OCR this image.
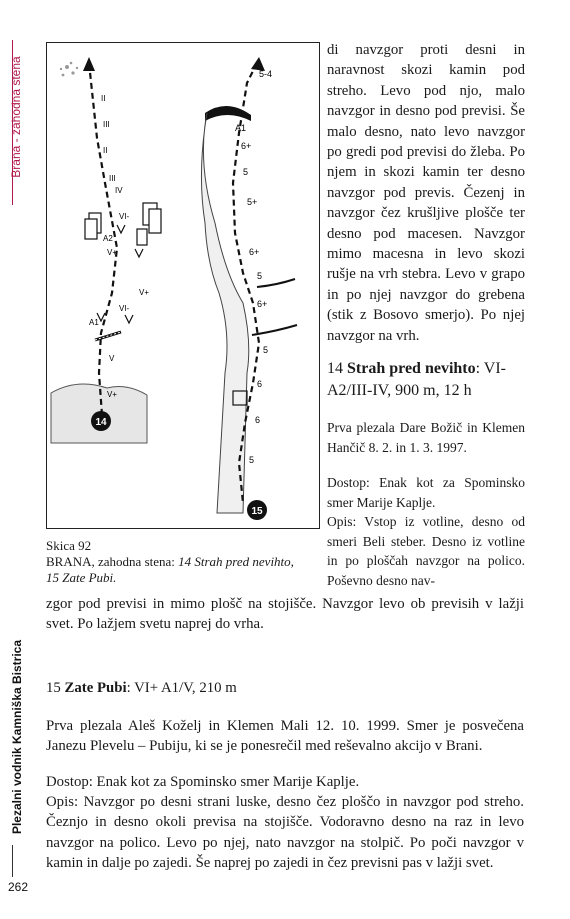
Brana - zahodna stena
Plezalni vodnik Kamniška Bistrica
262
14
II
III
II
III
IV
VI-
A2
V+
V+
VI-
A1
V
V+
15
5-4
A1
6+
5
5+
6+
5
6+
5
6
6
5
Skica 92
BRANA, zahodna stena: 14 Strah pred nevihto,
15 Zate Pubi.

di navzgor proti desni in naravnost skozi kamin pod streho. Levo pod njo, malo navzgor in desno pod previsi. Še malo desno, nato levo navzgor po gredi pod previsi do žleba. Po njem in skozi kamin ter desno navzgor pod previs. Čezenj in navzgor čez krušljive plošče ter desno pod macesen. Navzgor mimo macesna in levo skozi rušje na vrh stebra. Levo v grapo in po njej navzgor do grebena (stik z Bosovo smerjo). Po njej navzgor na vrh.

14 Strah pred nevihto: VI-A2/III-IV, 900 m, 12 h

Prva plezala Dare Božič in Klemen Hančič 8. 2. in 1. 3. 1997.

Dostop: Enak kot za Spominsko smer Marije Kaplje.

Opis: Vstop iz votline, desno od smeri Beli steber. Desno iz votline in po ploščah navzgor na polico. Poševno desno nav-

zgor pod previsi in mimo plošč na stojišče. Navzgor levo ob previsih v lažji svet. Po lažjem svetu naprej do vrha.
15 Zate Pubi: VI+ A1/V, 210 m
Prva plezala Aleš Koželj in Klemen Mali 12. 10. 1999. Smer je posvečena Janezu Plevelu – Pubiju, ki se je ponesrečil med reševalno akcijo v Brani.
Dostop: Enak kot za Spominsko smer Marije Kaplje.
Opis: Navzgor po desni strani luske, desno čez ploščo in navzgor pod streho. Čeznjo in desno okoli previsa na stojišče. Vodoravno desno na raz in levo navzgor na polico. Levo po njej, nato navzgor na stolpič. Po poči navzgor v kamin in dalje po zajedi. Še naprej po zajedi in čez previsni pas v lažji svet.
